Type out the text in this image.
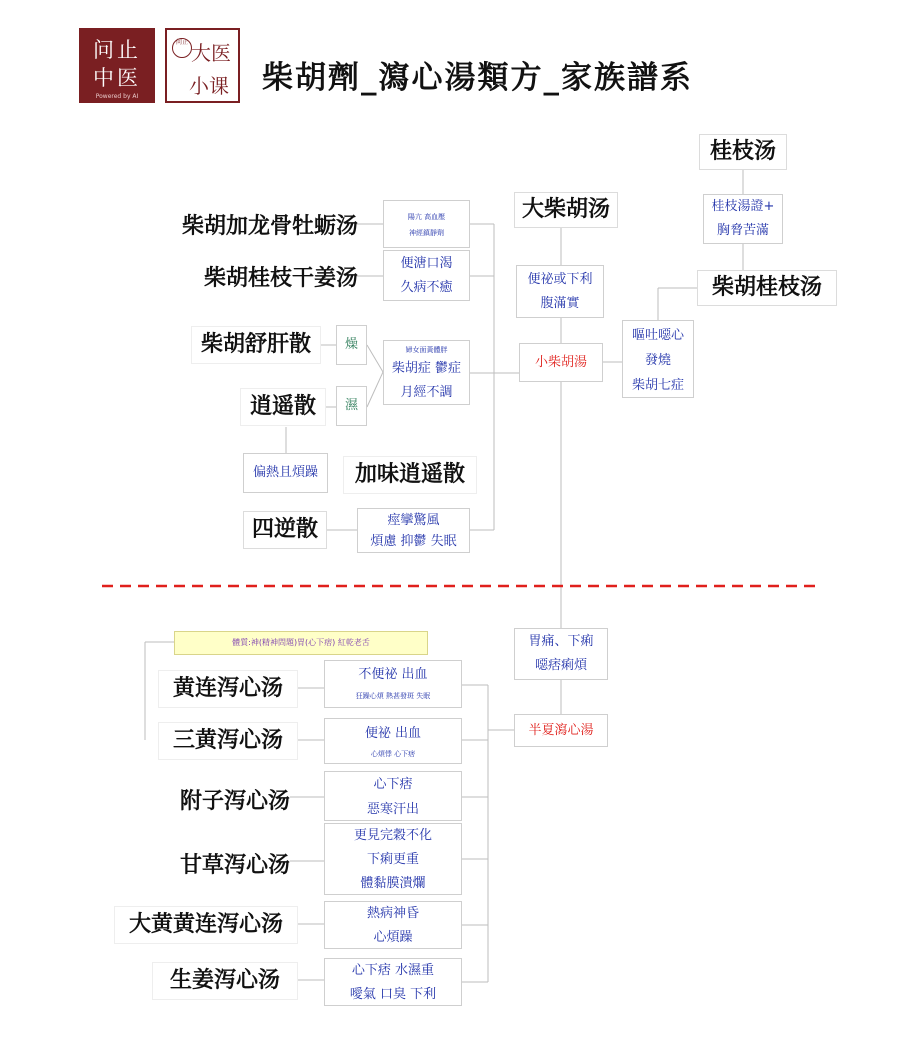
问止
中医
Powered by AI
问止 大医
小课 柴胡劑_瀉心湯類方_家族譜系
桂枝汤
桂枝湯證+
胸脅苦滿
柴胡桂枝汤
嘔吐噁心
發燒
柴胡七症
大柴胡汤
便祕或下利
腹滿實
小柴胡湯
柴胡加龙骨牡蛎汤
柴胡桂枝干姜汤
柴胡舒肝散
逍遥散
四逆散
陽亢 高血壓
神經鎮靜劑
便溏口渴
久病不癒
燥
濕
婦女面黃體胖
柴胡症 鬱症
月經不調
偏熱且煩躁	加味逍遥散
痙攣驚風
煩慮 抑鬱 失眠
胃痛、下痢
噁痞痢煩
半夏瀉心湯
體質:神(精神問題)胃(心下痞) 紅乾老舌
黄连泻心汤
三黄泻心汤
附子泻心汤
甘草泻心汤
大黄黄连泻心汤
生姜泻心汤
不便祕 出血
狂躁心煩 熱甚發斑 失眠
便祕 出血
心煩悸 心下痞
心下痞
惡寒汗出
更見完穀不化
下痢更重
體黏膜潰爛
熱病神昏
心煩躁
心下痞 水濕重
噯氣 口臭 下利
